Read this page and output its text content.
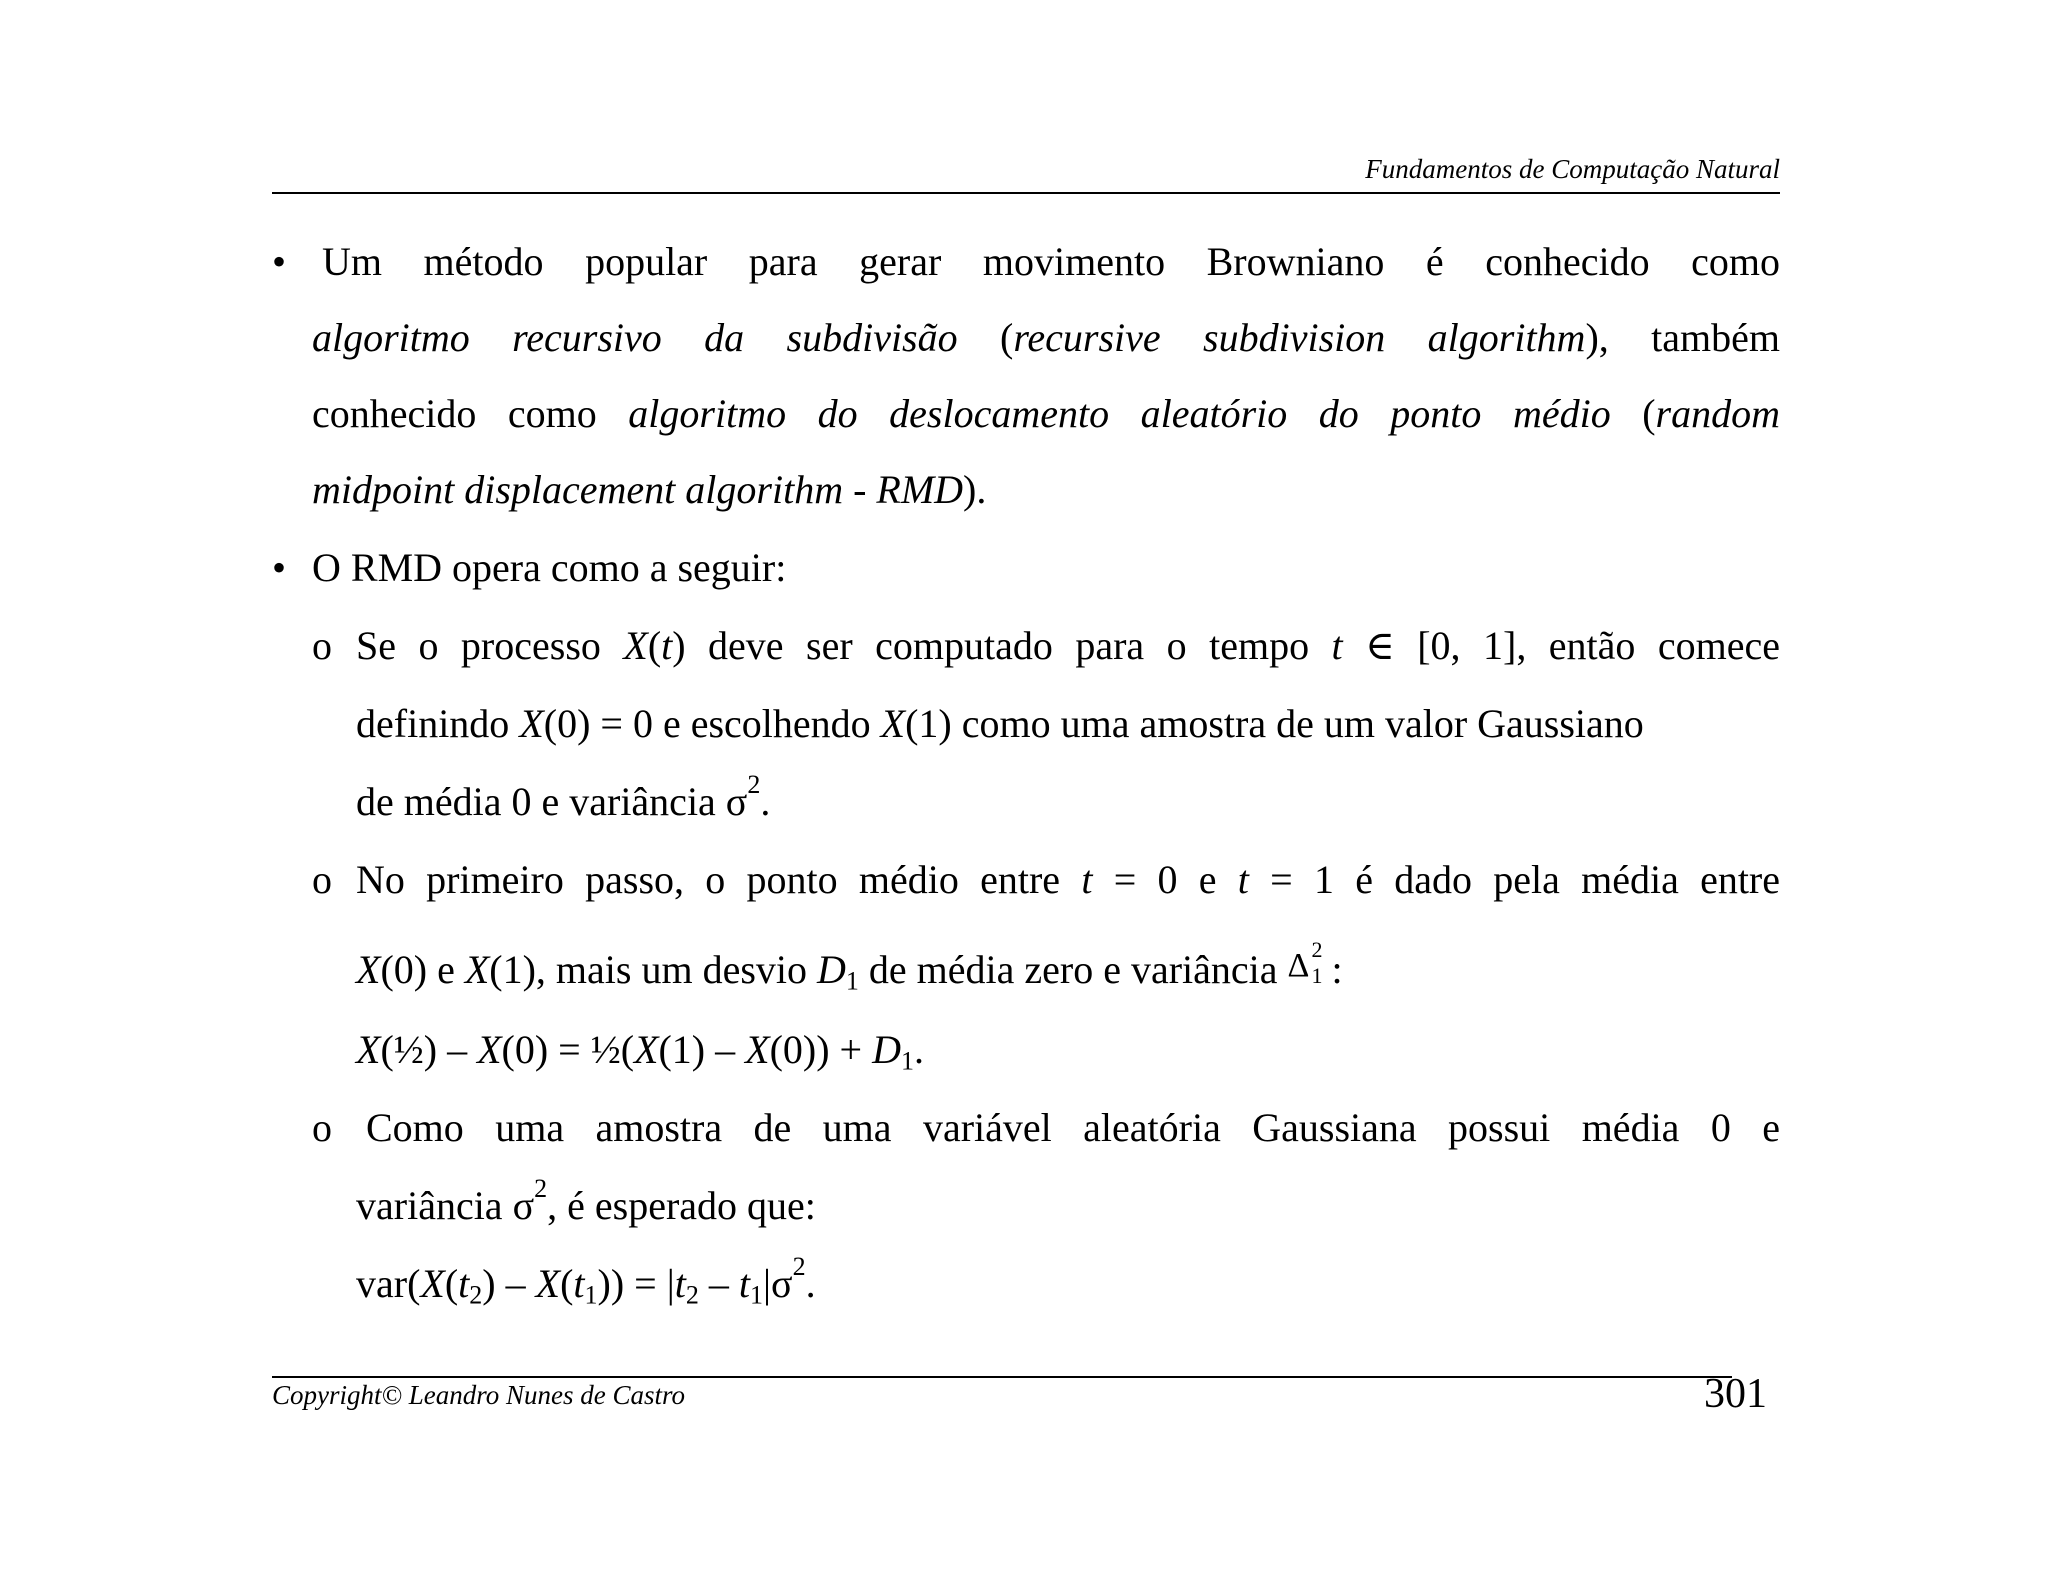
Fundamentos de Computação Natural
• Um método popular para gerar movimento Browniano é conhecido como
algoritmo recursivo da subdivisão (recursive subdivision algorithm), também
conhecido como algoritmo do deslocamento aleatório do ponto médio (random
midpoint displacement algorithm - RMD).
• O RMD opera como a seguir:
o Se o processo X(t) deve ser computado para o tempo t ∈ [0, 1], então comece
definindo X(0) = 0 e escolhendo X(1) como uma amostra de um valor Gaussiano
de média 0 e variância $\sigma^2$.
o No primeiro passo, o ponto médio entre t = 0 e t = 1 é dado pela média entre
X(0) e X(1), mais um desvio $D_1$ de média zero e variância Δ 2
1 :
X(½) – X(0) = ½(X(1) – $X(0)) + D_1$.
o Como uma amostra de uma variável aleatória Gaussiana possui média 0 e
variância $\sigma^2$, é esperado que:
$var(X(t_2) - X(t_1)) = |t_2 - t_1|\sigma^2$.
Copyright© Leandro Nunes de Castro	301
